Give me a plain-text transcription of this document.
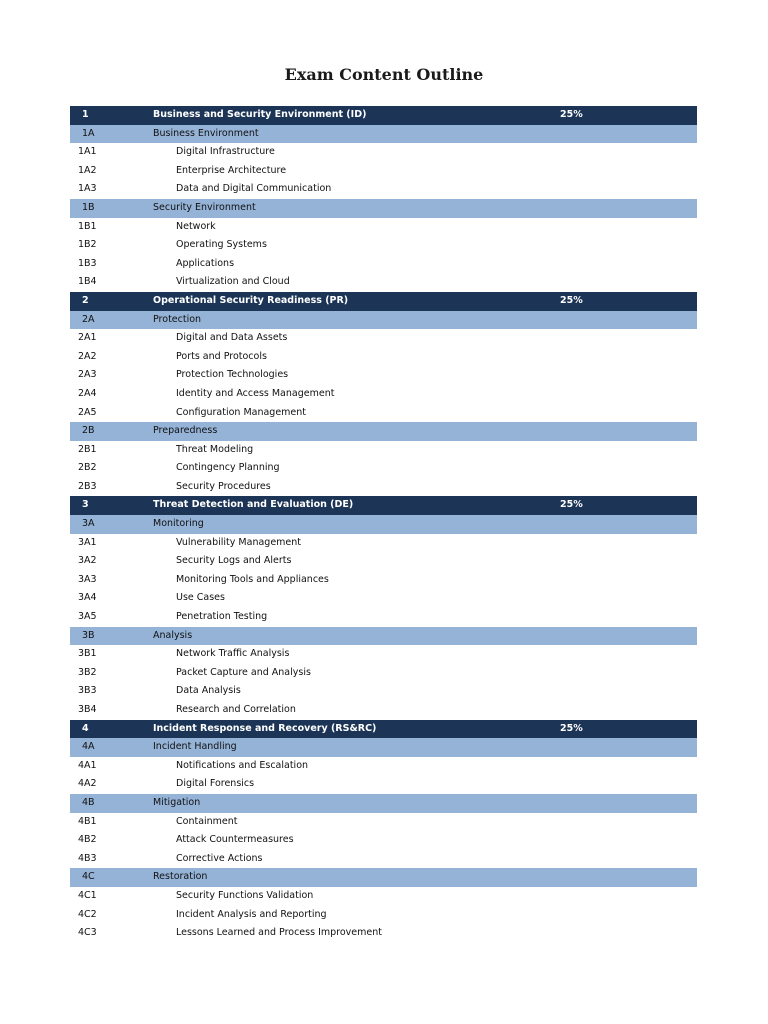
Exam Content Outline
1	Business and Security Environment (ID)	25%
1A	Business Environment
1A1	Digital Infrastructure
1A2	Enterprise Architecture
1A3	Data and Digital Communication
1B	Security Environment
1B1	Network
1B2	Operating Systems
1B3	Applications
1B4	Virtualization and Cloud
2	Operational Security Readiness (PR)	25%
2A	Protection
2A1	Digital and Data Assets
2A2	Ports and Protocols
2A3	Protection Technologies
2A4	Identity and Access Management
2A5	Configuration Management
2B	Preparedness
2B1	Threat Modeling
2B2	Contingency Planning
2B3	Security Procedures
3	Threat Detection and Evaluation (DE)	25%
3A	Monitoring
3A1	Vulnerability Management
3A2	Security Logs and Alerts
3A3	Monitoring Tools and Appliances
3A4	Use Cases
3A5	Penetration Testing
3B	Analysis
3B1	Network Traffic Analysis
3B2	Packet Capture and Analysis
3B3	Data Analysis
3B4	Research and Correlation
4	Incident Response and Recovery (RS&RC)	25%
4A	Incident Handling
4A1	Notifications and Escalation
4A2	Digital Forensics
4B	Mitigation
4B1	Containment
4B2	Attack Countermeasures
4B3	Corrective Actions
4C	Restoration
4C1	Security Functions Validation
4C2	Incident Analysis and Reporting
4C3	Lessons Learned and Process Improvement
